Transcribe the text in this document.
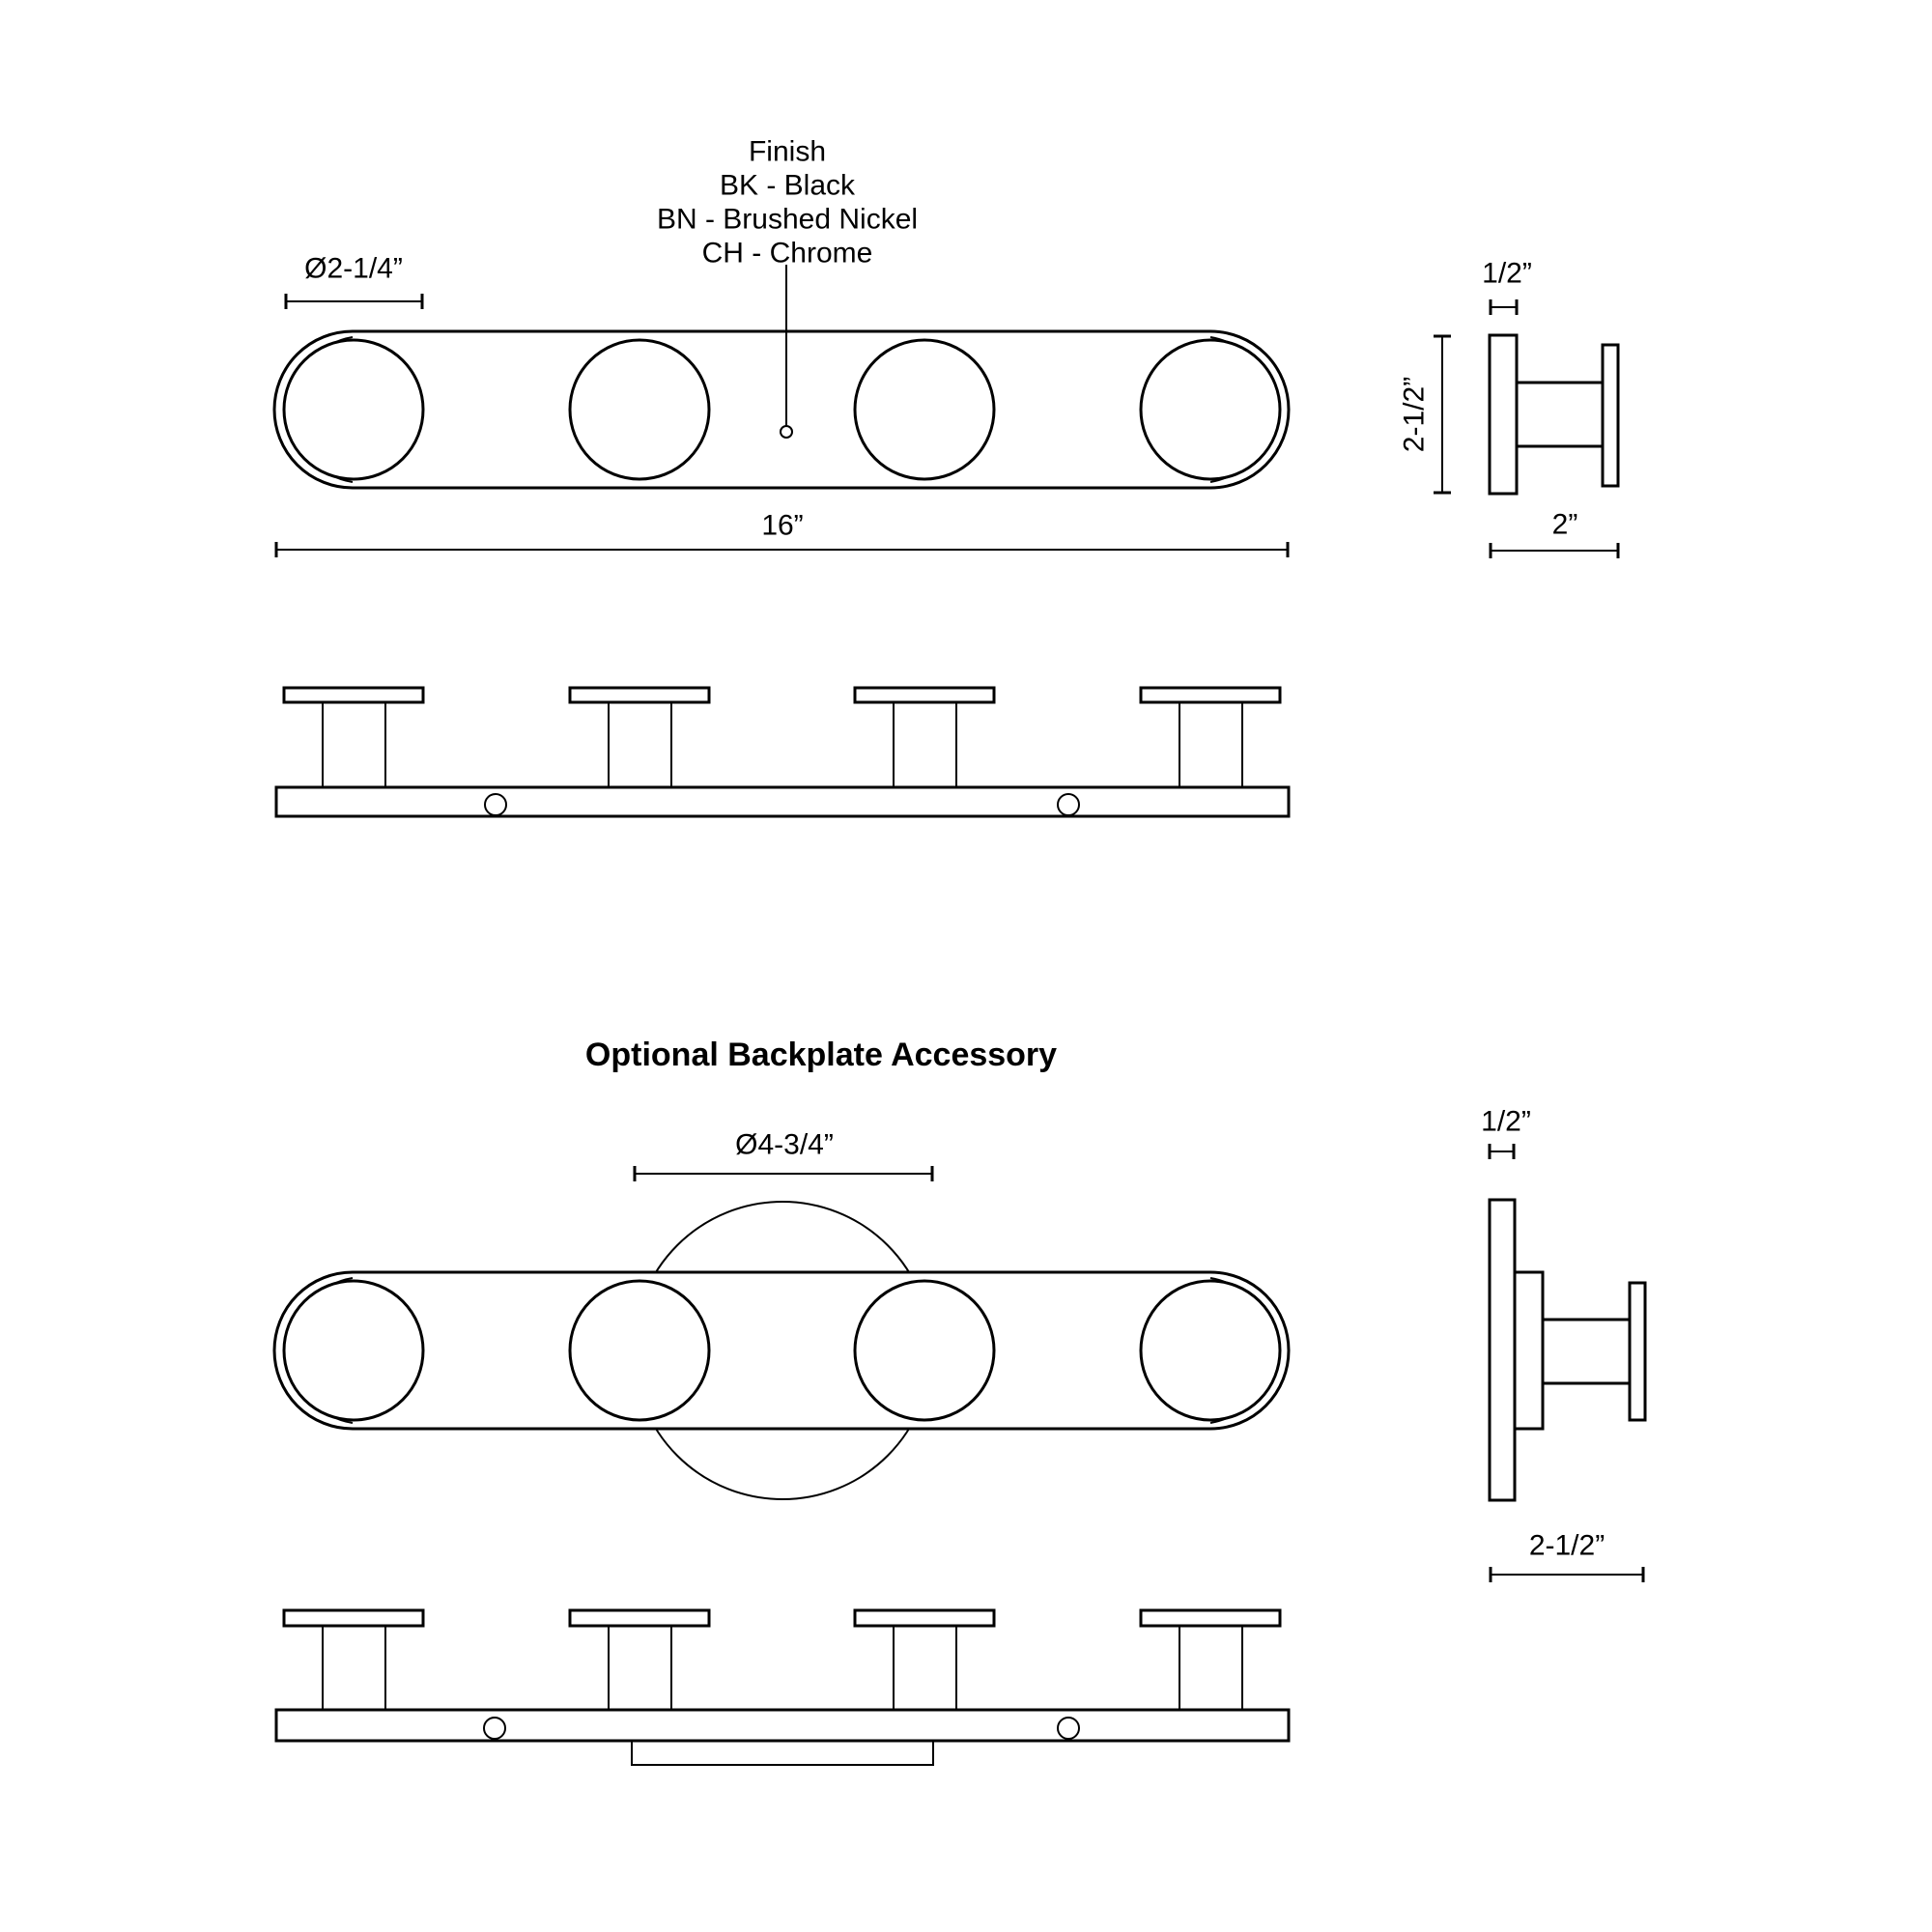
Finish
BK - Black
BN - Brushed Nickel
CH - Chrome
Ø2-1/4”
16”
1/2”
2-1/2”
2”
Optional Backplate Accessory
Ø4-3/4”
1/2”
2-1/2”
